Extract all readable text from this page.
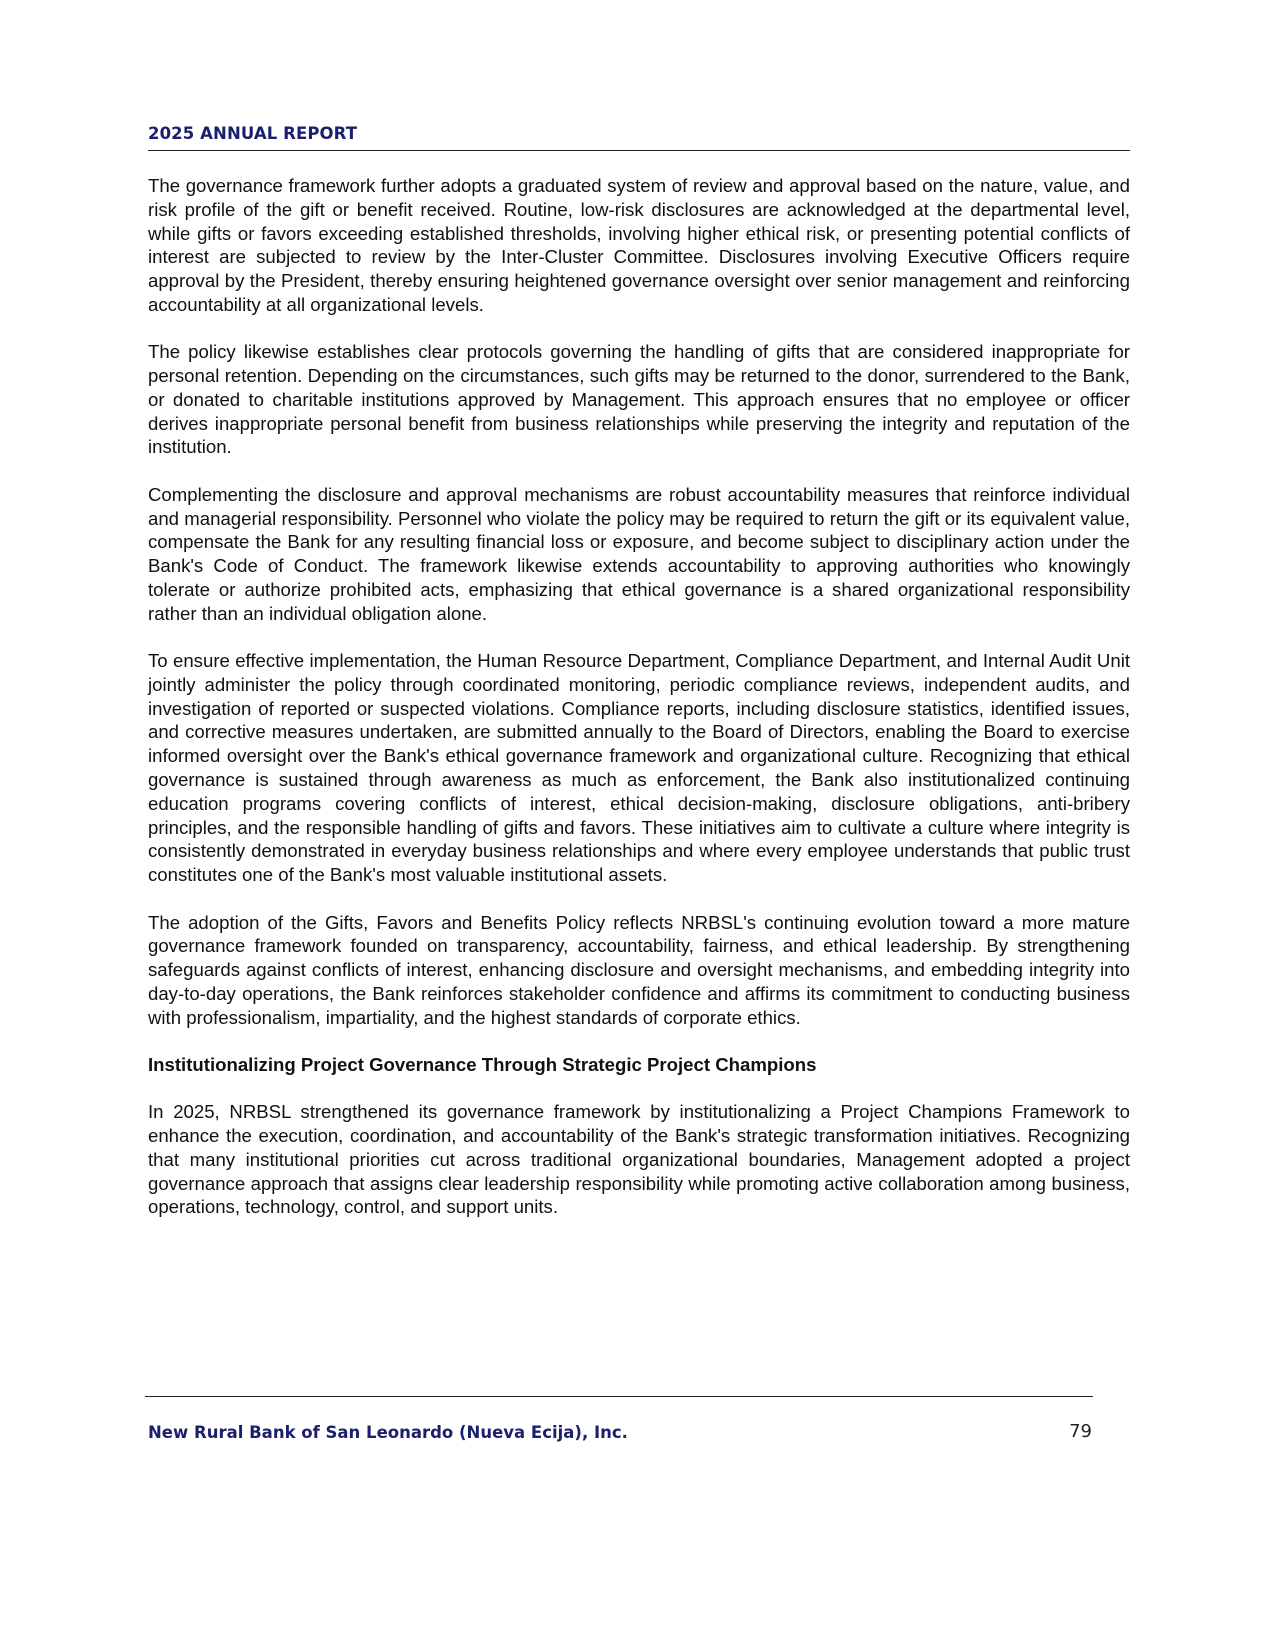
2025 ANNUAL REPORT

The governance framework further adopts a graduated system of review and approval based on the nature, value, and risk profile of the gift or benefit received. Routine, low-risk disclosures are acknowledged at the departmental level, while gifts or favors exceeding established thresholds, involving higher ethical risk, or presenting potential conflicts of interest are subjected to review by the Inter-Cluster Committee. Disclosures involving Executive Officers require approval by the President, thereby ensuring heightened governance oversight over senior management and reinforcing accountability at all organizational levels.

The policy likewise establishes clear protocols governing the handling of gifts that are considered inappropriate for personal retention. Depending on the circumstances, such gifts may be returned to the donor, surrendered to the Bank, or donated to charitable institutions approved by Management. This approach ensures that no employee or officer derives inappropriate personal benefit from business relationships while preserving the integrity and reputation of the institution.

Complementing the disclosure and approval mechanisms are robust accountability measures that reinforce individual and managerial responsibility. Personnel who violate the policy may be required to return the gift or its equivalent value, compensate the Bank for any resulting financial loss or exposure, and become subject to disciplinary action under the Bank's Code of Conduct. The framework likewise extends accountability to approving authorities who knowingly tolerate or authorize prohibited acts, emphasizing that ethical governance is a shared organizational responsibility rather than an individual obligation alone.

To ensure effective implementation, the Human Resource Department, Compliance Department, and Internal Audit Unit jointly administer the policy through coordinated monitoring, periodic compliance reviews, independent audits, and investigation of reported or suspected violations. Compliance reports, including disclosure statistics, identified issues, and corrective measures undertaken, are submitted annually to the Board of Directors, enabling the Board to exercise informed oversight over the Bank's ethical governance framework and organizational culture. Recognizing that ethical governance is sustained through awareness as much as enforcement, the Bank also institutionalized continuing education programs covering conflicts of interest, ethical decision-making, disclosure obligations, anti-bribery principles, and the responsible handling of gifts and favors. These initiatives aim to cultivate a culture where integrity is consistently demonstrated in everyday business relationships and where every employee understands that public trust constitutes one of the Bank's most valuable institutional assets.

The adoption of the Gifts, Favors and Benefits Policy reflects NRBSL's continuing evolution toward a more mature governance framework founded on transparency, accountability, fairness, and ethical leadership. By strengthening safeguards against conflicts of interest, enhancing disclosure and oversight mechanisms, and embedding integrity into day-to-day operations, the Bank reinforces stakeholder confidence and affirms its commitment to conducting business with professionalism, impartiality, and the highest standards of corporate ethics.

Institutionalizing Project Governance Through Strategic Project Champions

In 2025, NRBSL strengthened its governance framework by institutionalizing a Project Champions Framework to enhance the execution, coordination, and accountability of the Bank's strategic transformation initiatives. Recognizing that many institutional priorities cut across traditional organizational boundaries, Management adopted a project governance approach that assigns clear leadership responsibility while promoting active collaboration among business, operations, technology, control, and support units.

New Rural Bank of San Leonardo (Nueva Ecija), Inc.	79
